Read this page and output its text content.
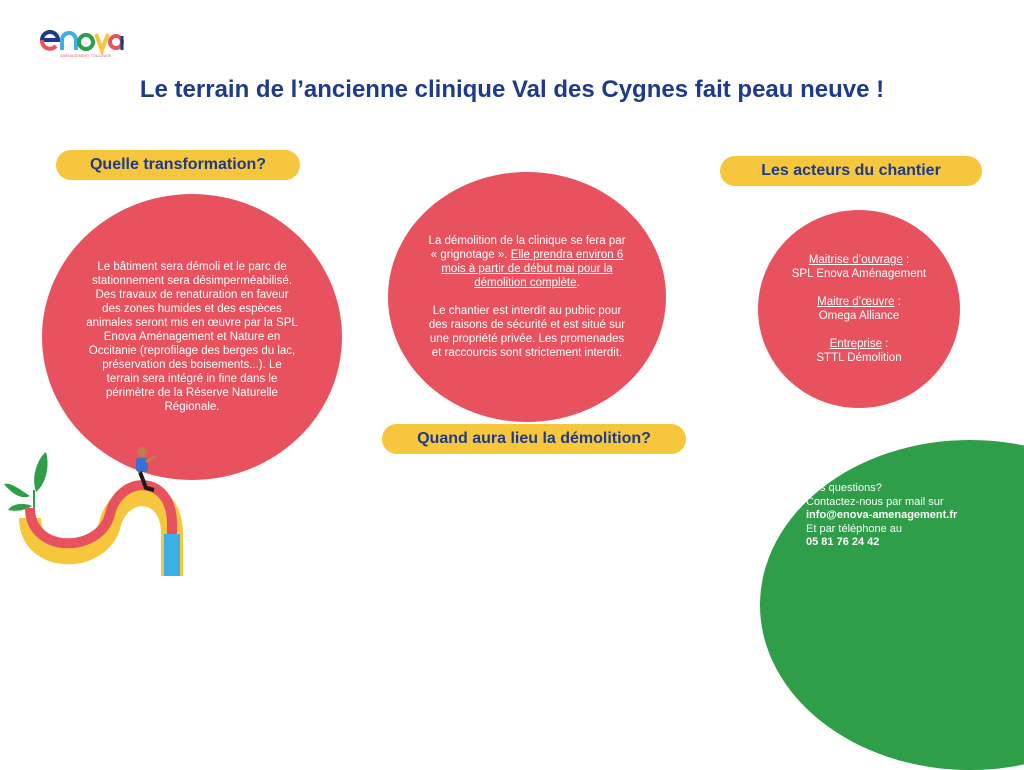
AMÉNAGEMENT TOULOUSE
Le terrain de l’ancienne clinique Val des Cygnes fait peau neuve !
Quelle transformation?	Les acteurs du chantier
Le bâtiment sera démoli et le parc de stationnement sera désimperméabilisé. Des travaux de renaturation en faveur des zones humides et des espèces animales seront mis en œuvre par la SPL Enova Aménagement et Nature en Occitanie (reprofilage des berges du lac, préservation des boisements...). Le terrain sera intégré in fine dans le périmètre de la Réserve Naturelle Régionale.
La démolition de la clinique se fera par « grignotage ». Elle prendra environ 6 mois à partir de début mai pour la démolition complète.
Le chantier est interdit au public pour des raisons de sécurité et est situé sur une propriété privée. Les promenades et raccourcis sont strictement interdit.
Maitrise d’ouvrage :
SPL Enova Aménagement
Maitre d’œuvre :
Omega Alliance
Entreprise :
STTL Démolition
Quand aura lieu la démolition?
Des questions?
Contactez-nous par mail sur
info@enova-amenagement.fr
Et par téléphone au
05 81 76 24 42
